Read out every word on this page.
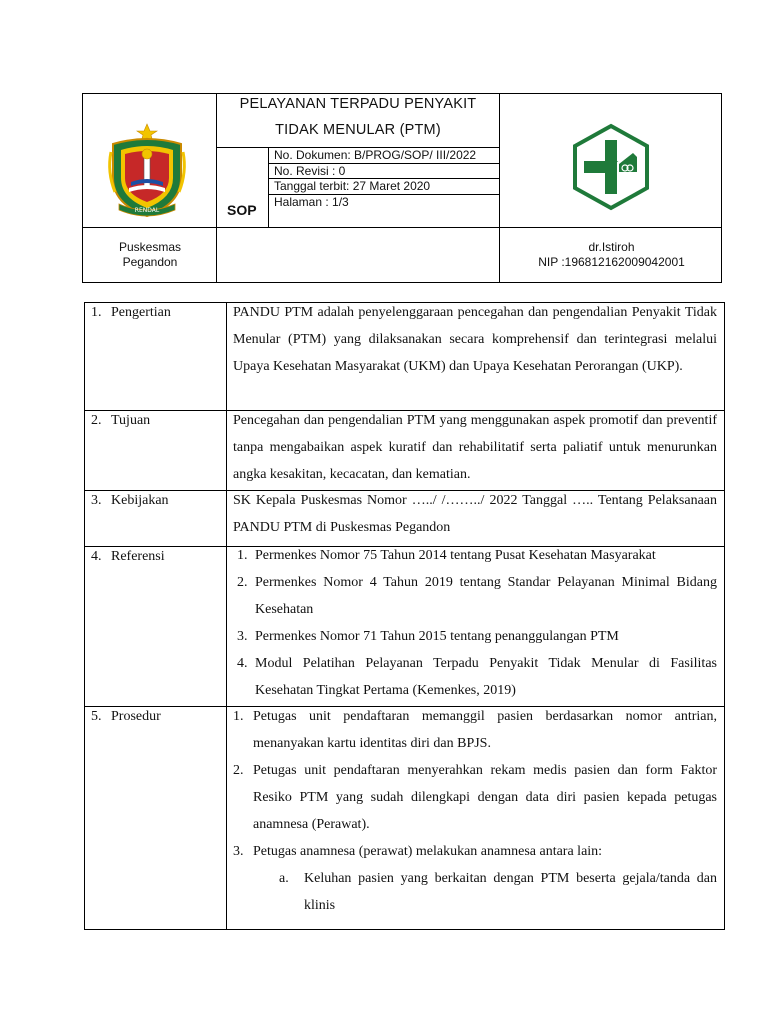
RENDAL
PELAYANAN TERPADU PENYAKIT
TIDAK MENULAR (PTM)
SOP
No. Dokumen: B/PROG/SOP/ III/2022
No. Revisi : 0
Tanggal terbit: 27 Maret 2020
Halaman : 1/3
Puskesmas
Pegandon
dr.Istiroh
NIP :196812162009042001
1. Pengertian	PANDU PTM adalah penyelenggaraan pencegahan dan pengendalian Penyakit Tidak Menular (PTM) yang dilaksanakan secara komprehensif dan terintegrasi melalui Upaya Kesehatan Masyarakat (UKM) dan Upaya Kesehatan Perorangan (UKP).

2. Tujuan	Pencegahan dan pengendalian PTM yang menggunakan aspek promotif dan preventif tanpa mengabaikan aspek kuratif dan rehabilitatif serta paliatif untuk menurunkan angka kesakitan, kecacatan, dan kematian.

3. Kebijakan	SK Kepala Puskesmas Nomor …../ /……../ 2022 Tanggal ….. Tentang Pelaksanaan PANDU PTM di Puskesmas Pegandon

4. Referensi	1. Permenkes Nomor 75 Tahun 2014 tentang Pusat Kesehatan Masyarakat
2. Permenkes Nomor 4 Tahun 2019 tentang Standar Pelayanan Minimal Bidang Kesehatan
3. Permenkes Nomor 71 Tahun 2015 tentang penanggulangan PTM
4. Modul Pelatihan Pelayanan Terpadu Penyakit Tidak Menular di Fasilitas Kesehatan Tingkat Pertama (Kemenkes, 2019)
5. Prosedur	1. Petugas unit pendaftaran memanggil pasien berdasarkan nomor antrian, menanyakan kartu identitas diri dan BPJS.
2. Petugas unit pendaftaran menyerahkan rekam medis pasien dan form Faktor Resiko PTM yang sudah dilengkapi dengan data diri pasien kepada petugas anamnesa (Perawat).
3. Petugas anamnesa (perawat) melakukan anamnesa antara lain:
a. Keluhan pasien yang berkaitan dengan PTM beserta gejala/tanda dan klinis
